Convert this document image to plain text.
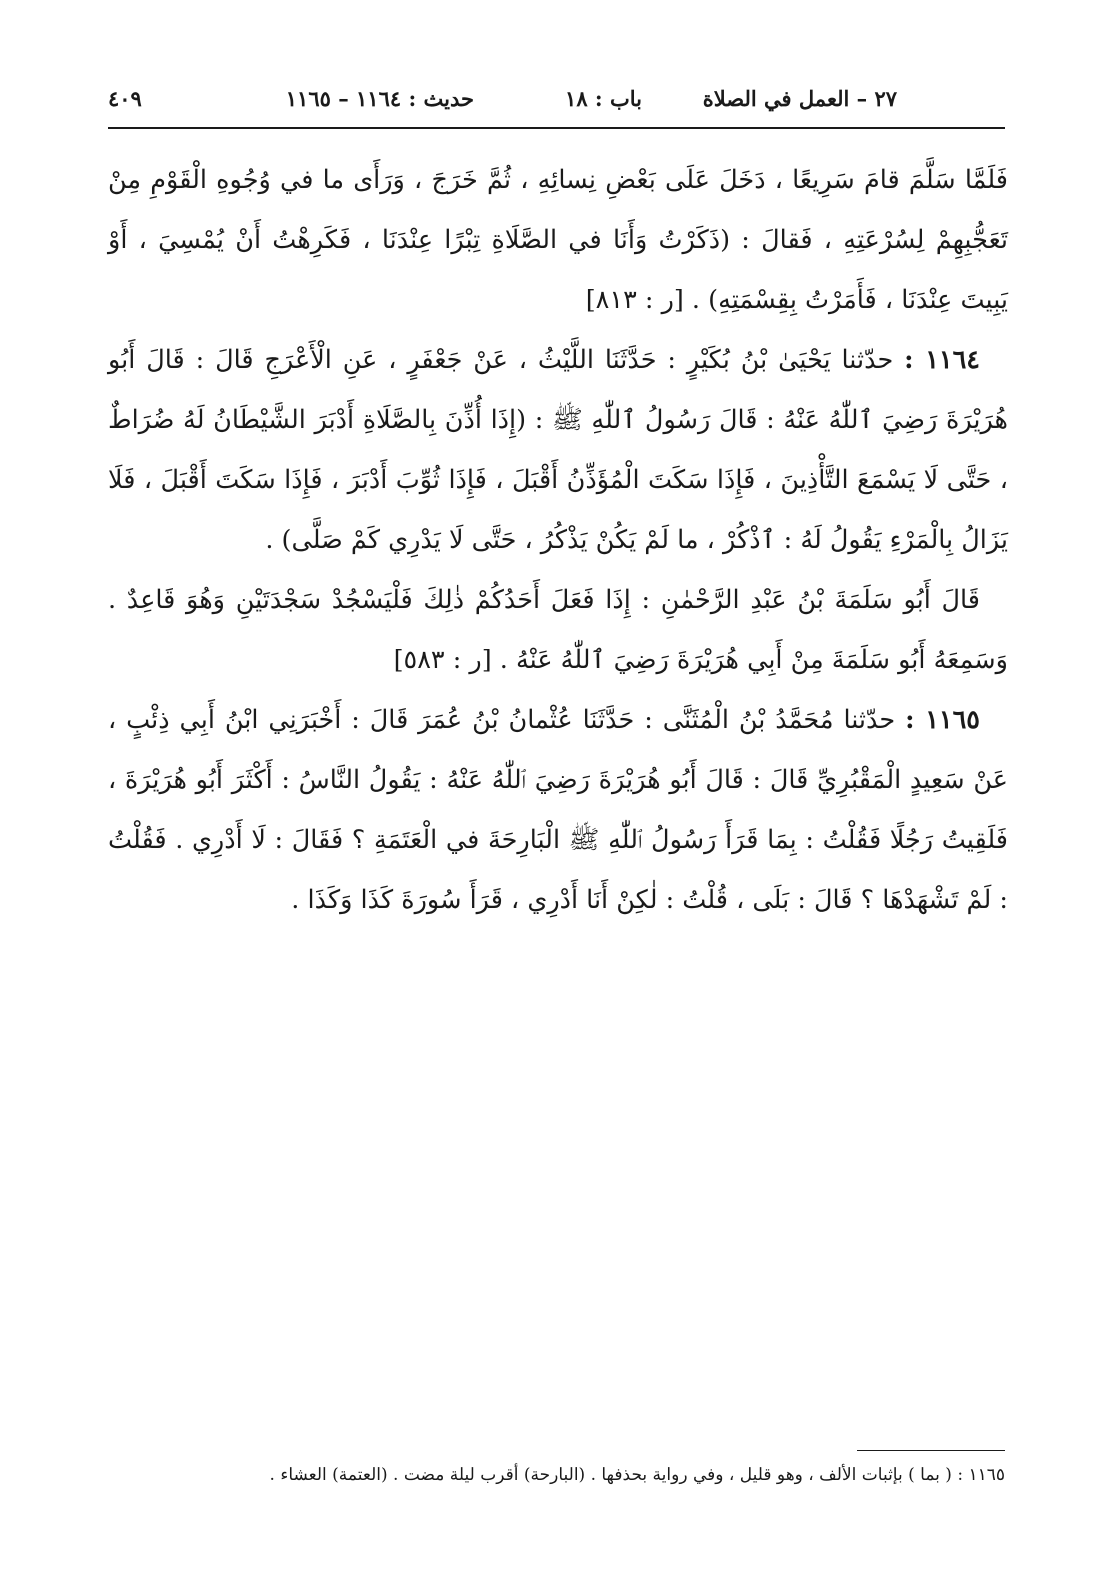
٢٧ – العمل في الصلاة
باب : ١٨
حديث : ١١٦٤ – ١١٦٥
٤٠٩

فَلَمَّا سَلَّمَ قامَ سَرِيعًا ، دَخَلَ عَلَى بَعْضِ نِسائِهِ ، ثُمَّ خَرَجَ ، وَرَأَى ما في وُجُوهِ الْقَوْمِ مِنْ تَعَجُّبِهِمْ لِسُرْعَتِهِ ، فَقالَ : (ذَكَرْتُ وَأَنَا في الصَّلَاةِ تِبْرًا عِنْدَنَا ، فَكَرِهْتُ أَنْ يُمْسِيَ ، أَوْ يَبِيتَ عِنْدَنَا ، فَأَمَرْتُ بِقِسْمَتِهِ) . [ر : ٨١٣]

١١٦٤ : حدّثنا يَحْيَىٰ بْنُ بُكَيْرٍ : حَدَّثَنَا اللَّيْثُ ، عَنْ جَعْفَرٍ ، عَنِ الْأَعْرَجِ قَالَ : قَالَ أَبُو هُرَيْرَةَ رَضِيَ ٱللّٰهُ عَنْهُ : قَالَ رَسُولُ ٱللّٰهِ ﷺ : (إِذَا أُذِّنَ بِالصَّلَاةِ أَدْبَرَ الشَّيْطَانُ لَهُ ضُرَاطٌ ، حَتَّى لَا يَسْمَعَ التَّأْذِينَ ، فَإِذَا سَكَتَ الْمُؤَذِّنُ أَقْبَلَ ، فَإِذَا ثُوِّبَ أَدْبَرَ ، فَإِذَا سَكَتَ أَقْبَلَ ، فَلَا يَزَالُ بِالْمَرْءِ يَقُولُ لَهُ : ٱذْكُرْ ، ما لَمْ يَكُنْ يَذْكُرُ ، حَتَّى لَا يَدْرِي كَمْ صَلَّى) .

قَالَ أَبُو سَلَمَةَ بْنُ عَبْدِ الرَّحْمٰنِ : إِذَا فَعَلَ أَحَدُكُمْ ذٰلِكَ فَلْيَسْجُدْ سَجْدَتَيْنِ وَهُوَ قَاعِدٌ . وَسَمِعَهُ أَبُو سَلَمَةَ مِنْ أَبِي هُرَيْرَةَ رَضِيَ ٱللّٰهُ عَنْهُ . [ر : ٥٨٣]

١١٦٥ : حدّثنا مُحَمَّدُ بْنُ الْمُثَنَّى : حَدَّثَنَا عُثْمانُ بْنُ عُمَرَ قَالَ : أَخْبَرَنِي ابْنُ أَبِي ذِئْبٍ ، عَنْ سَعِيدٍ الْمَقْبُرِيِّ قَالَ : قَالَ أَبُو هُرَيْرَةَ رَضِيَ ٱللّٰهُ عَنْهُ : يَقُولُ النَّاسُ : أَكْثَرَ أَبُو هُرَيْرَةَ ، فَلَقِيتُ رَجُلًا فَقُلْتُ : بِمَا قَرَأَ رَسُولُ ٱللّٰهِ ﷺ الْبَارِحَةَ في الْعَتَمَةِ ؟ فَقَالَ : لَا أَدْرِي . فَقُلْتُ : لَمْ تَشْهَدْهَا ؟ قَالَ : بَلَى ، قُلْتُ : لٰكِنْ أَنَا أَدْرِي ، قَرَأَ سُورَةَ كَذَا وَكَذَا .

١١٦٥ : ( بما ) بإثبات الألف ، وهو قليل ، وفي رواية بحذفها . (البارحة) أقرب ليلة مضت . (العتمة) العشاء .
